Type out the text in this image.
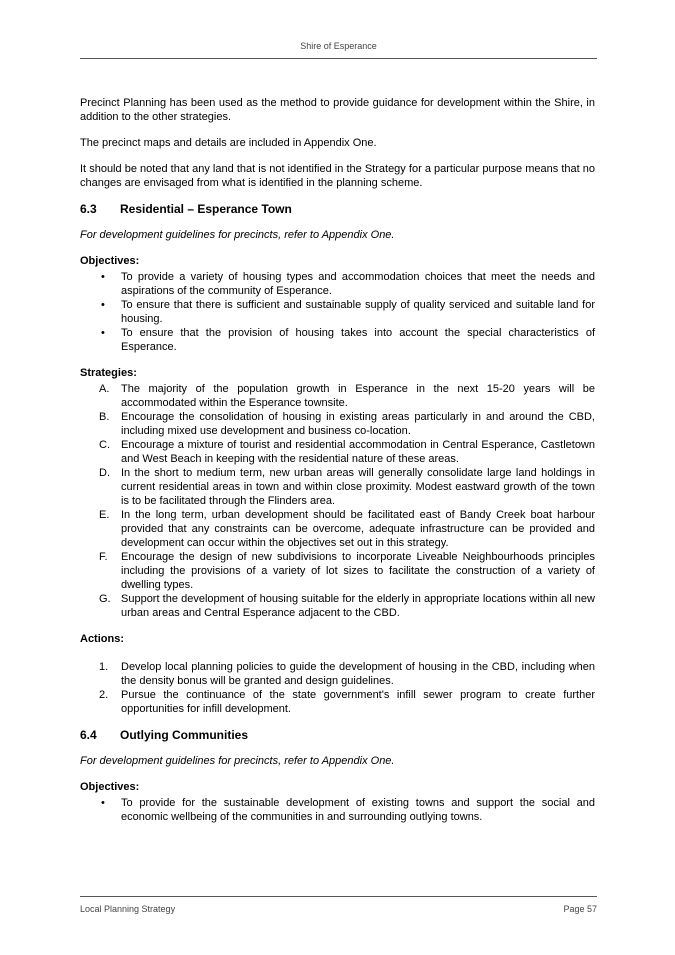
Shire of Esperance

Precinct Planning has been used as the method to provide guidance for development within the Shire, in addition to the other strategies.

The precinct maps and details are included in Appendix One.

It should be noted that any land that is not identified in the Strategy for a particular purpose means that no changes are envisaged from what is identified in the planning scheme.

6.3	Residential – Esperance Town
For development guidelines for precincts, refer to Appendix One.
Objectives:
• To provide a variety of housing types and accommodation choices that meet the needs and aspirations of the community of Esperance.
• To ensure that there is sufficient and sustainable supply of quality serviced and suitable land for housing.
• To ensure that the provision of housing takes into account the special characteristics of Esperance.
Strategies:
A. The majority of the population growth in Esperance in the next 15-20 years will be accommodated within the Esperance townsite.
B. Encourage the consolidation of housing in existing areas particularly in and around the CBD, including mixed use development and business co-location.
C. Encourage a mixture of tourist and residential accommodation in Central Esperance, Castletown and West Beach in keeping with the residential nature of these areas.
D. In the short to medium term, new urban areas will generally consolidate large land holdings in current residential areas in town and within close proximity. Modest eastward growth of the town is to be facilitated through the Flinders area.
E. In the long term, urban development should be facilitated east of Bandy Creek boat harbour provided that any constraints can be overcome, adequate infrastructure can be provided and development can occur within the objectives set out in this strategy.
F. Encourage the design of new subdivisions to incorporate Liveable Neighbourhoods principles including the provisions of a variety of lot sizes to facilitate the construction of a variety of dwelling types.
G. Support the development of housing suitable for the elderly in appropriate locations within all new urban areas and Central Esperance adjacent to the CBD.
Actions:
1. Develop local planning policies to guide the development of housing in the CBD, including when the density bonus will be granted and design guidelines.
2. Pursue the continuance of the state government's infill sewer program to create further opportunities for infill development.
6.4	Outlying Communities
For development guidelines for precincts, refer to Appendix One.
Objectives:
• To provide for the sustainable development of existing towns and support the social and economic wellbeing of the communities in and surrounding outlying towns.
Local Planning Strategy	Page 57
